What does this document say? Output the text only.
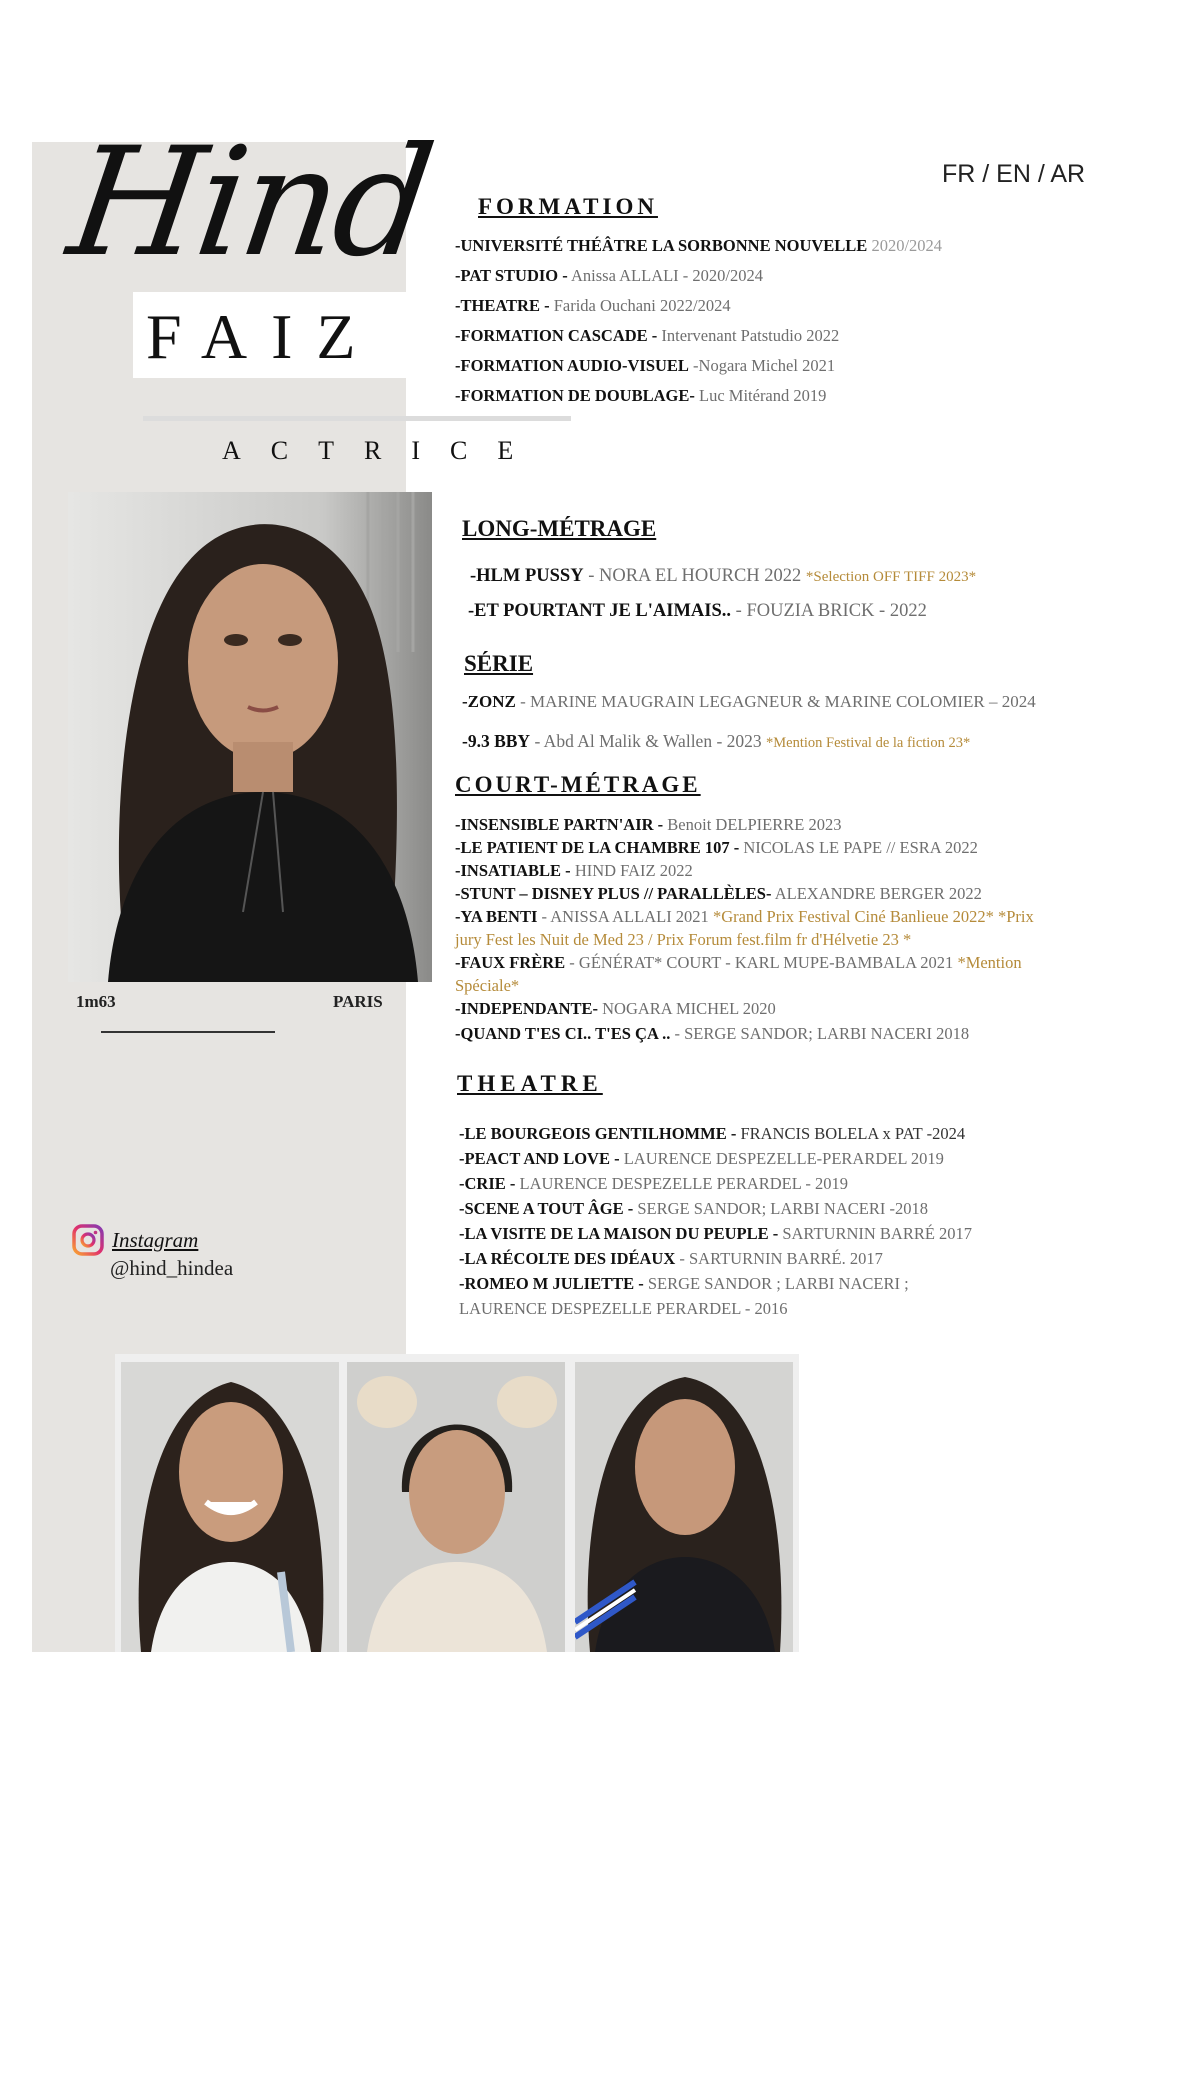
Hind
FAIZ
ACTRICE
FR / EN / AR
1m63	PARIS
Instagram
@hind_hindea
FORMATION
-UNIVERSITÉ THÉÂTRE LA SORBONNE NOUVELLE 2020/2024
-PAT STUDIO - Anissa ALLALI - 2020/2024
-THEATRE - Farida Ouchani 2022/2024
-FORMATION CASCADE - Intervenant Patstudio 2022
-FORMATION AUDIO-VISUEL -Nogara Michel 2021
-FORMATION DE DOUBLAGE- Luc Mitérand 2019
LONG-MÉTRAGE
-HLM PUSSY - NORA EL HOURCH 2022 *Selection OFF TIFF 2023*
-ET POURTANT JE L'AIMAIS.. - FOUZIA BRICK - 2022
SÉRIE
-ZONZ - MARINE MAUGRAIN LEGAGNEUR & MARINE COLOMIER – 2024
-9.3 BBY - Abd Al Malik & Wallen - 2023 *Mention Festival de la fiction 23*
COURT-MÉTRAGE
-INSENSIBLE PARTN'AIR - Benoit DELPIERRE 2023
-LE PATIENT DE LA CHAMBRE 107 - NICOLAS LE PAPE // ESRA 2022
-INSATIABLE - HIND FAIZ 2022
-STUNT – DISNEY PLUS // PARALLÈLES- ALEXANDRE BERGER 2022
-YA BENTI - ANISSA ALLALI 2021 *Grand Prix Festival Ciné Banlieue 2022* *Prix
jury Fest les Nuit de Med 23 / Prix Forum fest.film fr d'Hélvetie 23 *
-FAUX FRÈRE - GÉNÉRAT* COURT - KARL MUPE-BAMBALA 2021 *Mention
Spéciale*
-INDEPENDANTE- NOGARA MICHEL 2020
-QUAND T'ES CI.. T'ES ÇA .. - SERGE SANDOR; LARBI NACERI 2018
THEATRE
-LE BOURGEOIS GENTILHOMME - FRANCIS BOLELA x PAT -2024
-PEACT AND LOVE - LAURENCE DESPEZELLE-PERARDEL 2019
-CRIE - LAURENCE DESPEZELLE PERARDEL - 2019
-SCENE A TOUT ÂGE - SERGE SANDOR; LARBI NACERI -2018
-LA VISITE DE LA MAISON DU PEUPLE - SARTURNIN BARRÉ 2017
-LA RÉCOLTE DES IDÉAUX - SARTURNIN BARRÉ. 2017
-ROMEO M JULIETTE - SERGE SANDOR ; LARBI NACERI ;
LAURENCE DESPEZELLE PERARDEL - 2016
